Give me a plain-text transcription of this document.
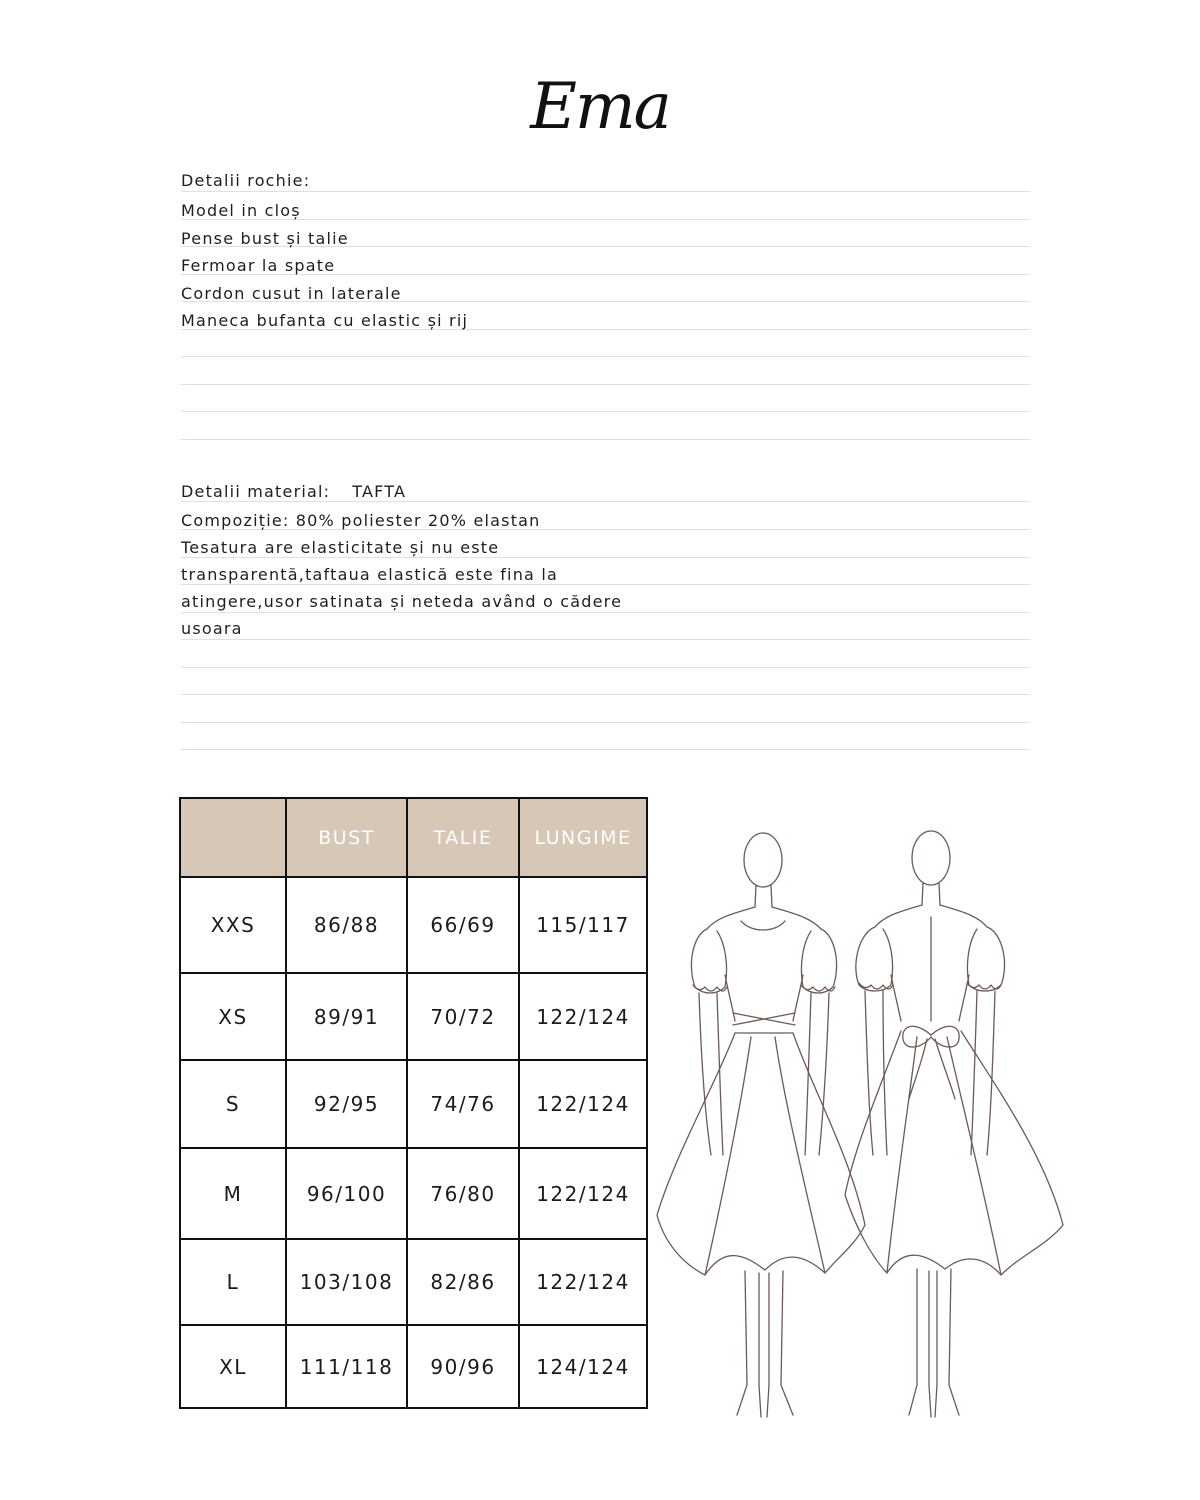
Ema
Detalii rochie:
Model in cloș
Pense bust și talie
Fermoar la spate
Cordon cusut in laterale
Maneca bufanta cu elastic și rij
Detalii material: TAFTA
Compoziție: 80% poliester 20% elastan
Tesatura are elasticitate și nu este
transparentă,taftaua elastică este fina la
atingere,usor satinata și neteda având o cădere
usoara
	BUST	TALIE	LUNGIME
XXS	86/88	66/69	115/117
XS	89/91	70/72	122/124
S	92/95	74/76	122/124
M	96/100	76/80	122/124
L	103/108	82/86	122/124
XL	111/118	90/96	124/124
